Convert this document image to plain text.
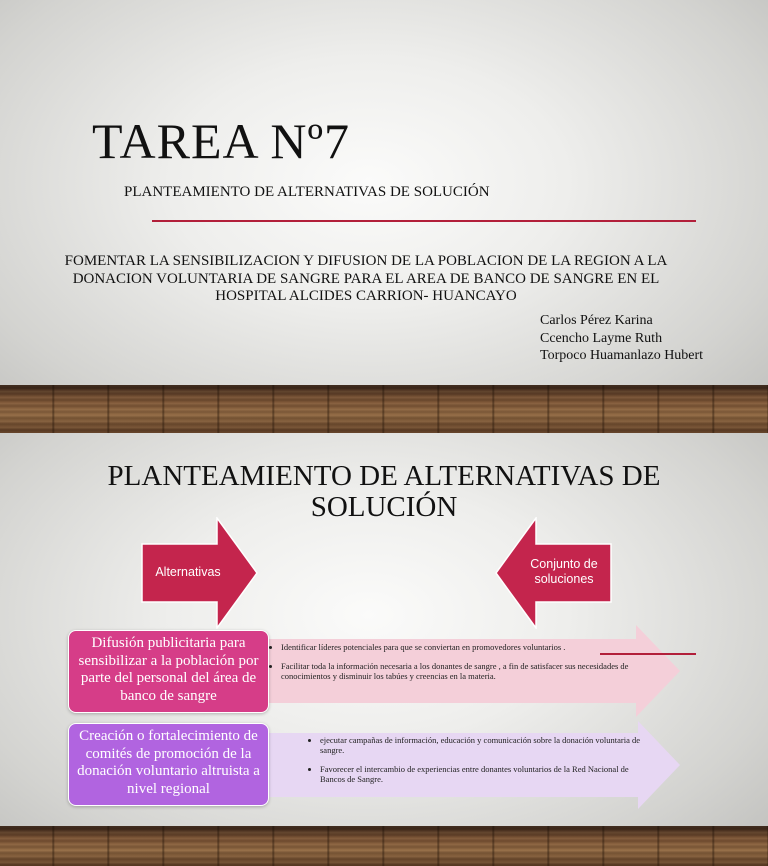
TAREA Nº7
PLANTEAMIENTO DE ALTERNATIVAS DE SOLUCIÓN
FOMENTAR LA SENSIBILIZACION Y DIFUSION DE LA POBLACION DE LA REGION A LA
DONACION VOLUNTARIA DE SANGRE PARA EL AREA DE BANCO DE SANGRE EN EL
HOSPITAL ALCIDES CARRION- HUANCAYO
Carlos Pérez Karina
Ccencho Layme Ruth
Torpoco Huamanlazo Hubert
PLANTEAMIENTO DE ALTERNATIVAS DE
SOLUCIÓN
Alternativas
Conjunto de
soluciones
Difusión publicitaria para sensibilizar a la población por parte del personal del área de banco de sangre
Creación o fortalecimiento de comités de promoción de la donación voluntario altruista a nivel regional
• Identificar líderes potenciales para que se conviertan en promovedores voluntarios .
• Facilitar toda la información necesaria a los donantes de sangre , a fin de satisfacer sus necesidades de conocimientos y disminuir los tabúes y creencias en la materia.
• ejecutar campañas de información, educación y comunicación sobre la donación voluntaria de sangre.
• Favorecer el intercambio de experiencias entre donantes voluntarios de la Red Nacional de Bancos de Sangre.
